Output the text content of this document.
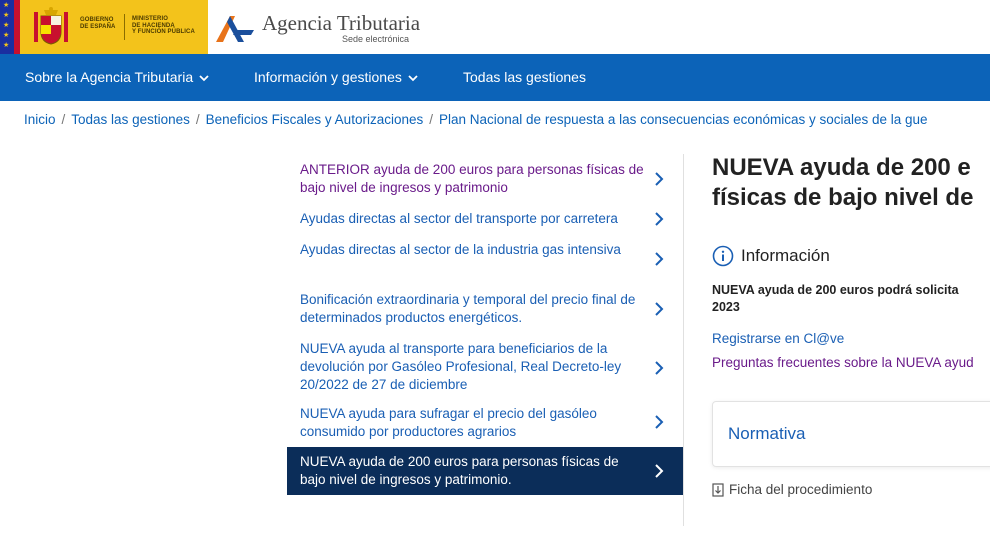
★
★
★
★
★
GOBIERNO
DE ESPAÑA
MINISTERIO
DE HACIENDA
Y FUNCIÓN PÚBLICA	Agencia Tributaria
Sede electrónica
Sobre la Agencia Tributaria	Información y gestiones	Todas las gestiones
Inicio / Todas las gestiones / Beneficios Fiscales y Autorizaciones / Plan Nacional de respuesta a las consecuencias económicas y sociales de la gue
ANTERIOR ayuda de 200 euros para personas físicas de bajo nivel de ingresos y patrimonio
Ayudas directas al sector del transporte por carretera
Ayudas directas al sector de la industria gas intensiva
Bonificación extraordinaria y temporal del precio final de determinados productos energéticos.
NUEVA ayuda al transporte para beneficiarios de la devolución por Gasóleo Profesional, Real Decreto-ley 20/2022 de 27 de diciembre
NUEVA ayuda para sufragar el precio del gasóleo consumido por productores agrarios
NUEVA ayuda de 200 euros para personas físicas de bajo nivel de ingresos y patrimonio.
NUEVA ayuda de 200 e
físicas de bajo nivel de
Información
NUEVA ayuda de 200 euros podrá solicita
2023
Registrarse en Cl@ve
Preguntas frecuentes sobre la NUEVA ayud
Normativa
Ficha del procedimiento
